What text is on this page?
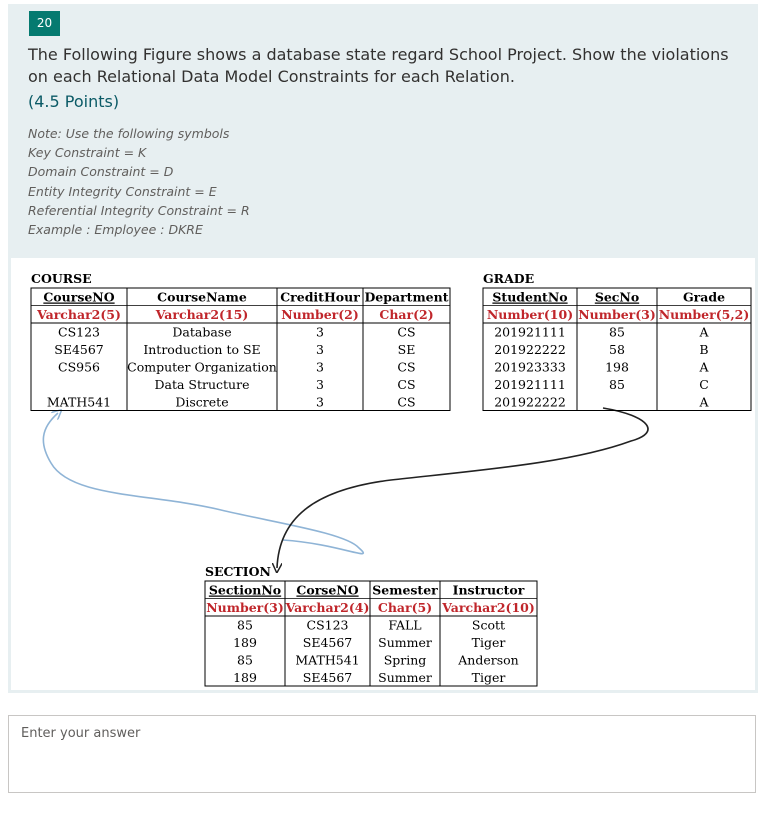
20
The Following Figure shows a database state regard School Project. Show the violations on each Relational Data Model Constraints for each Relation.
(4.5 Points)
Note: Use the following symbols
Key Constraint = K
Domain Constraint = D
Entity Integrity Constraint = E
Referential Integrity Constraint = R
Example : Employee : DKRE
COURSE
CourseNO
Varchar2(5)
CS123
SE4567
CS956
MATH541
CourseName
Varchar2(15)
Database
Introduction to SE
Computer Organization
Data Structure
Discrete
CreditHour
Number(2)
3
3
3
3
3
Department
Char(2)
CS
SE
CS
CS
CS
GRADE
StudentNo
Number(10)
201921111
201922222
201923333
201921111
201922222
SecNo
Number(3)
85
58
198
85
Grade
Number(5,2)
A
B
A
C
A
SECTION
SectionNo
Number(3)
85
189
85
189
CorseNO
Varchar2(4)
CS123
SE4567
MATH541
SE4567
Semester
Char(5)
FALL
Summer
Spring
Summer
Instructor
Varchar2(10)
Scott
Tiger
Anderson
Tiger
Enter your answer
